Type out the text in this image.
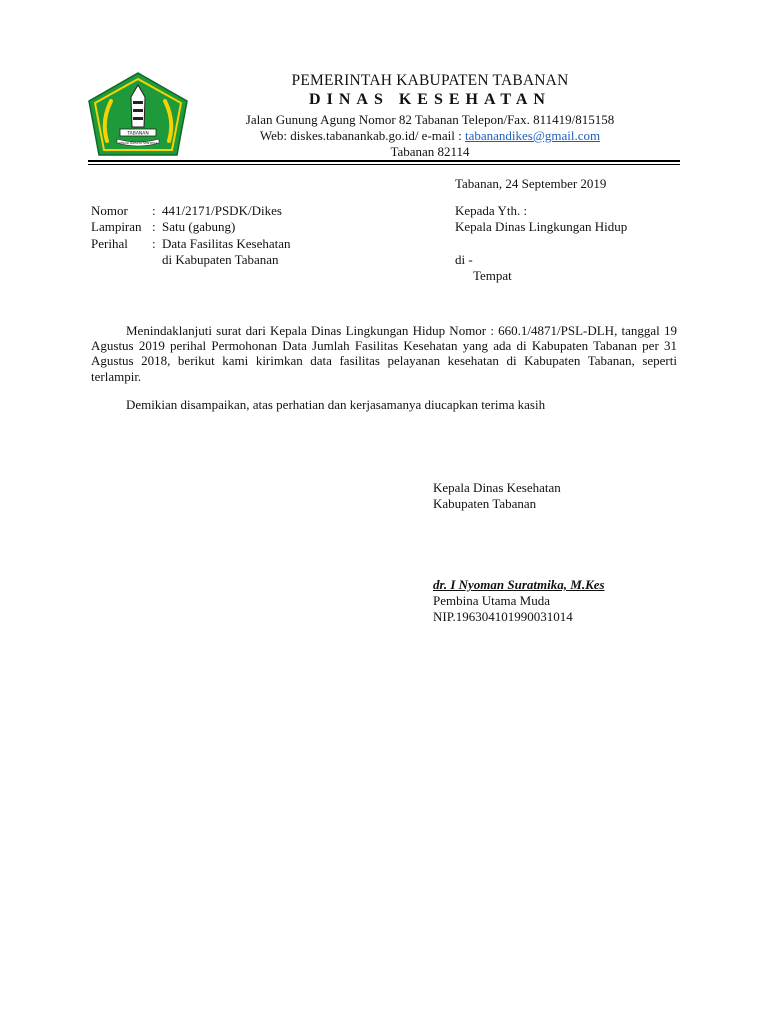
TABANAN
SERASI RAHAYU SENTOSA
PEMERINTAH KABUPATEN TABANAN
DINAS KESEHATAN
Jalan Gunung Agung Nomor 82 Tabanan Telepon/Fax. 811419/815158
Web: diskes.tabanankab.go.id/ e-mail : tabanandikes@gmail.com
Tabanan 82114
Tabanan, 24 September 2019
Nomor : 441/2171/PSDK/Dikes
Lampiran : Satu (gabung)
Perihal : Data Fasilitas Kesehatan
di Kabupaten Tabanan
Kepada Yth. :
Kepala Dinas Lingkungan Hidup
di -
Tempat

Menindaklanjuti surat dari Kepala Dinas Lingkungan Hidup Nomor : 660.1/4871/PSL-DLH, tanggal 19 Agustus 2019 perihal Permohonan Data Jumlah Fasilitas Kesehatan yang ada di Kabupaten Tabanan per 31 Agustus 2018, berikut kami kirimkan data fasilitas pelayanan kesehatan di Kabupaten Tabanan, seperti terlampir.

Demikian disampaikan, atas perhatian dan kerjasamanya diucapkan terima kasih

Kepala Dinas Kesehatan
Kabupaten Tabanan
dr. I Nyoman Suratmika, M.Kes
Pembina Utama Muda
NIP.196304101990031014
